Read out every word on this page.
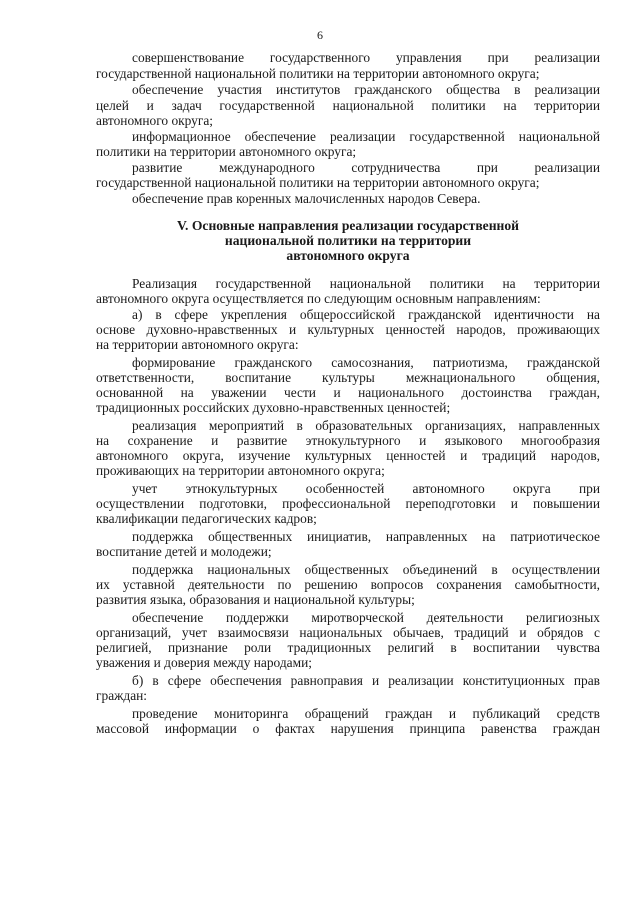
6
совершенствование государственного управления при реализации
государственной национальной политики на территории автономного округа;
обеспечение участия институтов гражданского общества в реализации
целей и задач государственной национальной политики на территории
автономного округа;
информационное обеспечение реализации государственной национальной
политики на территории автономного округа;
развитие международного сотрудничества при реализации
государственной национальной политики на территории автономного округа;
обеспечение прав коренных малочисленных народов Севера.
V. Основные направления реализации государственной
национальной политики на территории
автономного округа
Реализация государственной национальной политики на территории
автономного округа осуществляется по следующим основным направлениям:
а) в сфере укрепления общероссийской гражданской идентичности на
основе духовно-нравственных и культурных ценностей народов, проживающих
на территории автономного округа:
формирование гражданского самосознания, патриотизма, гражданской
ответственности, воспитание культуры межнационального общения,
основанной на уважении чести и национального достоинства граждан,
традиционных российских духовно-нравственных ценностей;
реализация мероприятий в образовательных организациях, направленных
на сохранение и развитие этнокультурного и языкового многообразия
автономного округа, изучение культурных ценностей и традиций народов,
проживающих на территории автономного округа;
учет этнокультурных особенностей автономного округа при
осуществлении подготовки, профессиональной переподготовки и повышении
квалификации педагогических кадров;
поддержка общественных инициатив, направленных на патриотическое
воспитание детей и молодежи;
поддержка национальных общественных объединений в осуществлении
их уставной деятельности по решению вопросов сохранения самобытности,
развития языка, образования и национальной культуры;
обеспечение поддержки миротворческой деятельности религиозных
организаций, учет взаимосвязи национальных обычаев, традиций и обрядов с
религией, признание роли традиционных религий в воспитании чувства
уважения и доверия между народами;
б) в сфере обеспечения равноправия и реализации конституционных прав
граждан:
проведение мониторинга обращений граждан и публикаций средств
массовой информации о фактах нарушения принципа равенства граждан
